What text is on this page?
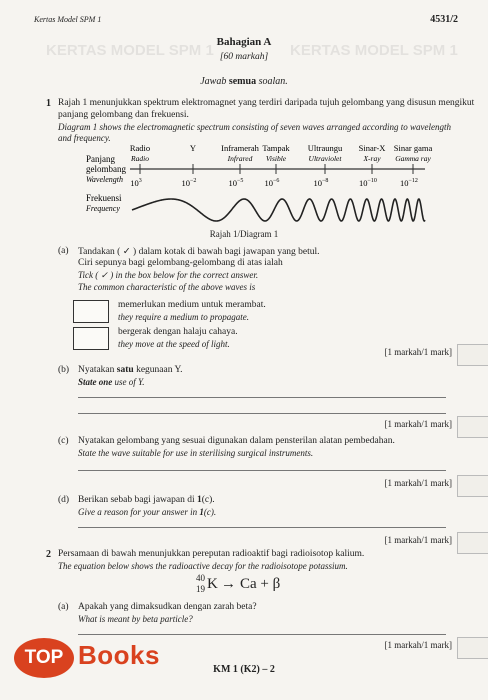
KERTAS MODEL SPM 1	KERTAS MODEL SPM 1
Kertas Model SPM 1	4531/2
Bahagian A
[60 markah]
Jawab semua soalan.
1 Rajah 1 menunjukkan spektrum elektromagnet yang terdiri daripada tujuh gelombang yang disusun mengikut
panjang gelombang dan frekuensi.
Diagram 1 shows the electromagnetic spectrum consisting of seven waves arranged according to wavelength
and frequency.
Radio
Radio
Y	Inframerah
Infrared
Tampak
Visible
Ultraungu
Ultraviolet
Sinar-X
X-ray
Sinar gama
Gamma ray
Panjang
gelombang
Wavelength $10^3$	$10^{-2}$	$10^{-5}$ $10^{-6}$	$10^{-8}$	$10^{-10}$	$10^{-12}$
Frekuensi
Frequency
Rajah 1/Diagram 1
(a) Tandakan ( ✓ ) dalam kotak di bawah bagi jawapan yang betul.
Ciri sepunya bagi gelombang-gelombang di atas ialah
Tick ( ✓ ) in the box below for the correct answer.
The common characteristic of the above waves is
memerlukan medium untuk merambat.
they require a medium to propagate.
bergerak dengan halaju cahaya.
they move at the speed of light.
[1 markah/1 mark]
(b) Nyatakan satu kegunaan Y.
State one use of Y.
[1 markah/1 mark]
(c) Nyatakan gelombang yang sesuai digunakan dalam pensterilan alatan pembedahan.
State the wave suitable for use in sterilising surgical instruments.
[1 markah/1 mark]
(d) Berikan sebab bagi jawapan di 1(c).
Give a reason for your answer in 1(c).
[1 markah/1 mark]
2 Persamaan di bawah menunjukkan pereputan radioaktif bagi radioisotop kalium.
The equation below shows the radioactive decay for the radioisotope potassium.
40
19 K → Ca + β
(a) Apakah yang dimaksudkan dengan zarah beta?
What is meant by beta particle?
[1 markah/1 mark]
KM 1 (K2) – 2
TOP Books
